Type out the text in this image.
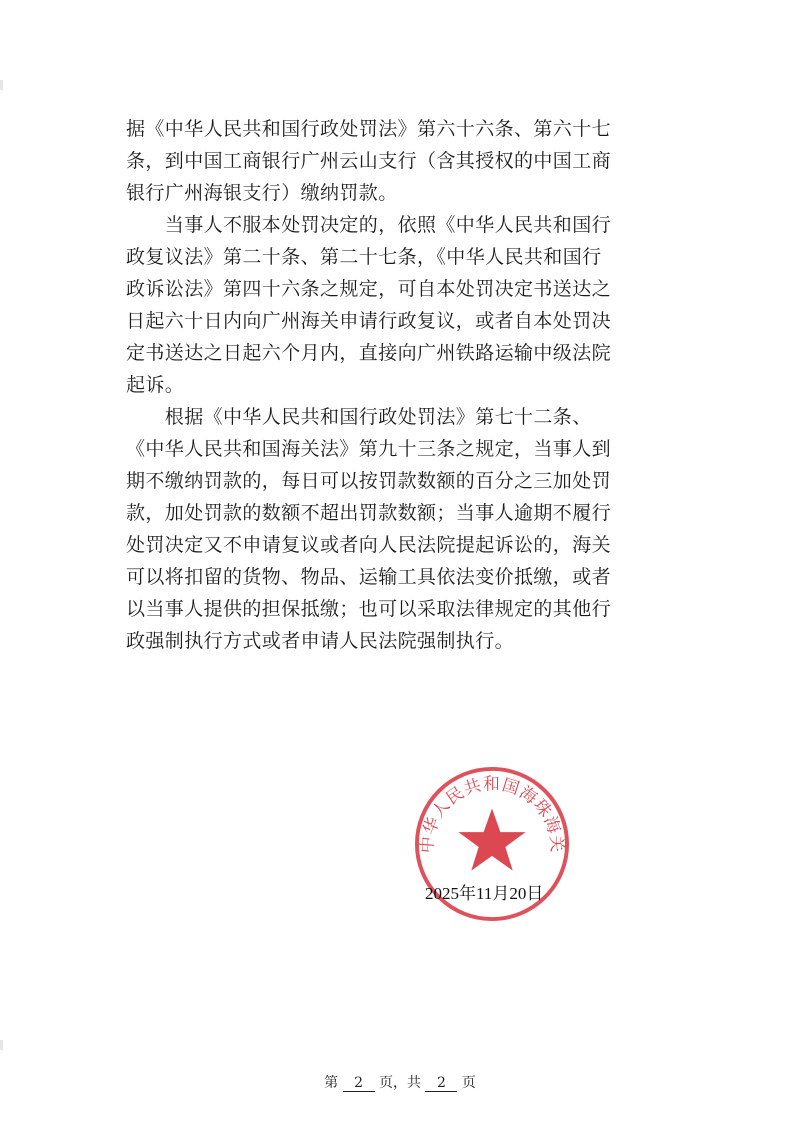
据《中华人民共和国行政处罚法》第六十六条、第六十七
条，到中国工商银行广州云山支行（含其授权的中国工商
银行广州海银支行）缴纳罚款。
　　当事人不服本处罚决定的，依照《中华人民共和国行
政复议法》第二十条、第二十七条，《中华人民共和国行
政诉讼法》第四十六条之规定，可自本处罚决定书送达之
日起六十日内向广州海关申请行政复议，或者自本处罚决
定书送达之日起六个月内，直接向广州铁路运输中级法院
起诉。
　　根据《中华人民共和国行政处罚法》第七十二条、
《中华人民共和国海关法》第九十三条之规定，当事人到
期不缴纳罚款的，每日可以按罚款数额的百分之三加处罚
款，加处罚款的数额不超出罚款数额；当事人逾期不履行
处罚决定又不申请复议或者向人民法院提起诉讼的，海关
可以将扣留的货物、物品、运输工具依法变价抵缴，或者
以当事人提供的担保抵缴；也可以采取法律规定的其他行
政强制执行方式或者申请人民法院强制执行。
中华人民共和国海珠海关
2025年11月20日
第 2 页，共 2 页
